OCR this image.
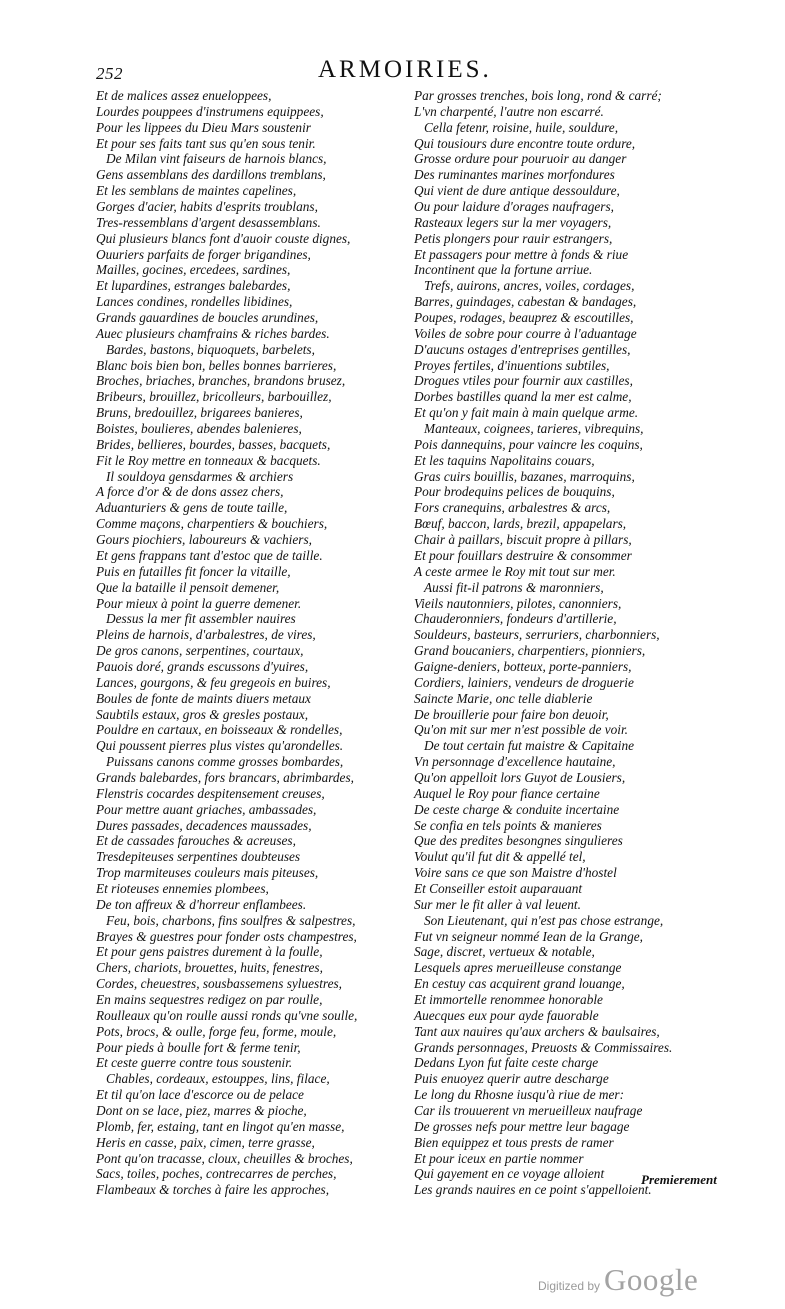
252	ARMOIRIES.
Et de malices asseƶ enueloppees,
Lourdes pouppees d'instrumens equippees,
Pour les lippees du Dieu Mars soustenir
Et pour ses faits tant sus qu'en sous tenir.
De Milan vint faiseurs de harnois blancs,
Gens assemblans des dardillons tremblans,
Et les semblans de maintes capelines,
Gorges d'acier, habits d'esprits troublans,
Tres-ressemblans d'argent desassemblans.
Qui plusieurs blancs font d'auoir couste dignes,
Ouuriers parfaits de forger brigandines,
Mailles, gocines, ercedees, sardines,
Et lupardines, estranges balebardes,
Lances condines, rondelles libidines,
Grands gauardines de boucles arundines,
Auec plusieurs chamfrains & riches bardes.
Bardes, bastons, biquoquets, barbelets,
Blanc bois bien bon, belles bonnes barrieres,
Broches, briaches, branches, brandons brusez,
Bribeurs, brouillez, bricolleurs, barbouillez,
Bruns, bredouillez, brigarees banieres,
Boistes, boulieres, abendes balenieres,
Brides, bellieres, bourdes, basses, bacquets,
Fit le Roy mettre en tonneaux & bacquets.
Il souldoya gensdarmes & archiers
A force d'or & de dons assez chers,
Aduanturiers & gens de toute taille,
Comme maçons, charpentiers & bouchiers,
Gours piochiers, laboureurs & vachiers,
Et gens frappans tant d'estoc que de taille.
Puis en futailles fit foncer la vitaille,
Que la bataille il pensoit demener,
Pour mieux à point la guerre demener.
Dessus la mer fit assembler nauires
Pleins de harnois, d'arbalestres, de vires,
De gros canons, serpentines, courtaux,
Pauois doré, grands escussons d'yuires,
Lances, gourgons, & feu gregeois en buires,
Boules de fonte de maints diuers metaux
Saubtils estaux, gros & gresles postaux,
Pouldre en cartaux, en boisseaux & rondelles,
Qui poussent pierres plus vistes qu'arondelles.
Puissans canons comme grosses bombardes,
Grands balebardes, fors brancars, abrimbardes,
Flenstris cocardes despitensement creuses,
Pour mettre auant griaches, ambassades,
Dures passades, decadences maussades,
Et de cassades farouches & acreuses,
Tresdepiteuses serpentines doubteuses
Trop marmiteuses couleurs mais piteuses,
Et rioteuses ennemies plombees,
De ton affreux & d'horreur enflambees.
Feu, bois, charbons, fins soulfres & salpestres,
Brayes & guestres pour fonder osts champestres,
Et pour gens paistres durement à la foulle,
Chers, chariots, brouettes, huits, fenestres,
Cordes, cheuestres, sousbassemens syluestres,
En mains sequestres redigez on par roulle,
Roulleaux qu'on roulle aussi ronds qu'vne soulle,
Pots, brocs, & oulle, forge feu, forme, moule,
Pour pieds à boulle fort & ferme tenir,
Et ceste guerre contre tous soustenir.
Chables, cordeaux, estouppes, lins, filace,
Et til qu'on lace d'escorce ou de pelace
Dont on se lace, piez, marres & pioche,
Plomb, fer, estaing, tant en lingot qu'en masse,
Heris en casse, paix, cimen, terre grasse,
Pont qu'on tracasse, cloux, cheuilles & broches,
Sacs, toiles, poches, contrecarres de perches,
Flambeaux & torches à faire les approches,
Par grosses trenches, bois long, rond & carré;
L'vn charpenté, l'autre non escarré.
Cella fetenr, roisine, huile, souldure,
Qui tousiours dure encontre toute ordure,
Grosse ordure pour pouruoir au danger
Des ruminantes marines morfondures
Qui vient de dure antique dessouldure,
Ou pour laidure d'orages naufragers,
Rasteaux legers sur la mer voyagers,
Petis plongers pour rauir estrangers,
Et passagers pour mettre à fonds & riue
Incontinent que la fortune arriue.
Trefs, auirons, ancres, voiles, cordages,
Barres, guindages, cabestan & bandages,
Poupes, rodages, beauprez & escoutilles,
Voiles de sobre pour courre à l'aduantage
D'aucuns ostages d'entreprises gentilles,
Proyes fertiles, d'inuentions subtiles,
Drogues vtiles pour fournir aux castilles,
Dorbes bastilles quand la mer est calme,
Et qu'on y fait main à main quelque arme.
Manteaux, coignees, tarieres, vibrequins,
Pois dannequins, pour vaincre les coquins,
Et les taquins Napolitains couars,
Gras cuirs bouillis, bazanes, marroquins,
Pour brodequins pelices de bouquins,
Fors cranequins, arbalestres & arcs,
Bœuf, baccon, lards, brezil, appapelars,
Chair à paillars, biscuit propre à pillars,
Et pour fouillars destruire & consommer
A ceste armee le Roy mit tout sur mer.
Aussi fit-il patrons & maronniers,
Vieils nautonniers, pilotes, canonniers,
Chauderonniers, fondeurs d'artillerie,
Souldeurs, basteurs, serruriers, charbonniers,
Grand boucaniers, charpentiers, pionniers,
Gaigne-deniers, botteux, porte-panniers,
Cordiers, lainiers, vendeurs de droguerie
Saincte Marie, onc telle diablerie
De brouillerie pour faire bon deuoir,
Qu'on mit sur mer n'est possible de voir.
De tout certain fut maistre & Capitaine
Vn personnage d'excellence hautaine,
Qu'on appelloit lors Guyot de Lousiers,
Auquel le Roy pour fiance certaine
De ceste charge & conduite incertaine
Se confia en tels points & manieres
Que des predites besongnes singulieres
Voulut qu'il fut dit & appellé tel,
Voire sans ce que son Maistre d'hostel
Et Conseiller estoit auparauant
Sur mer le fit aller à val leuent.
Son Lieutenant, qui n'est pas chose estrange,
Fut vn seigneur nommé Iean de la Grange,
Sage, discret, vertueux & notable,
Lesquels apres merueilleuse constange
En cestuy cas acquirent grand louange,
Et immortelle renommee honorable
Auecques eux pour ayde fauorable
Tant aux nauires qu'aux archers & baulsaires,
Grands personnages, Preuosts & Commissaires.
Dedans Lyon fut faite ceste charge
Puis enuoyez querir autre descharge
Le long du Rhosne iusqu'à riue de mer:
Car ils trouuerent vn merueilleux naufrage
De grosses nefs pour mettre leur bagage
Bien equippez et tous prests de ramer
Et pour iceux en partie nommer
Qui gayement en ce voyage alloient
Les grands nauires en ce point s'appelloient.
Premierement
Digitized by Google
